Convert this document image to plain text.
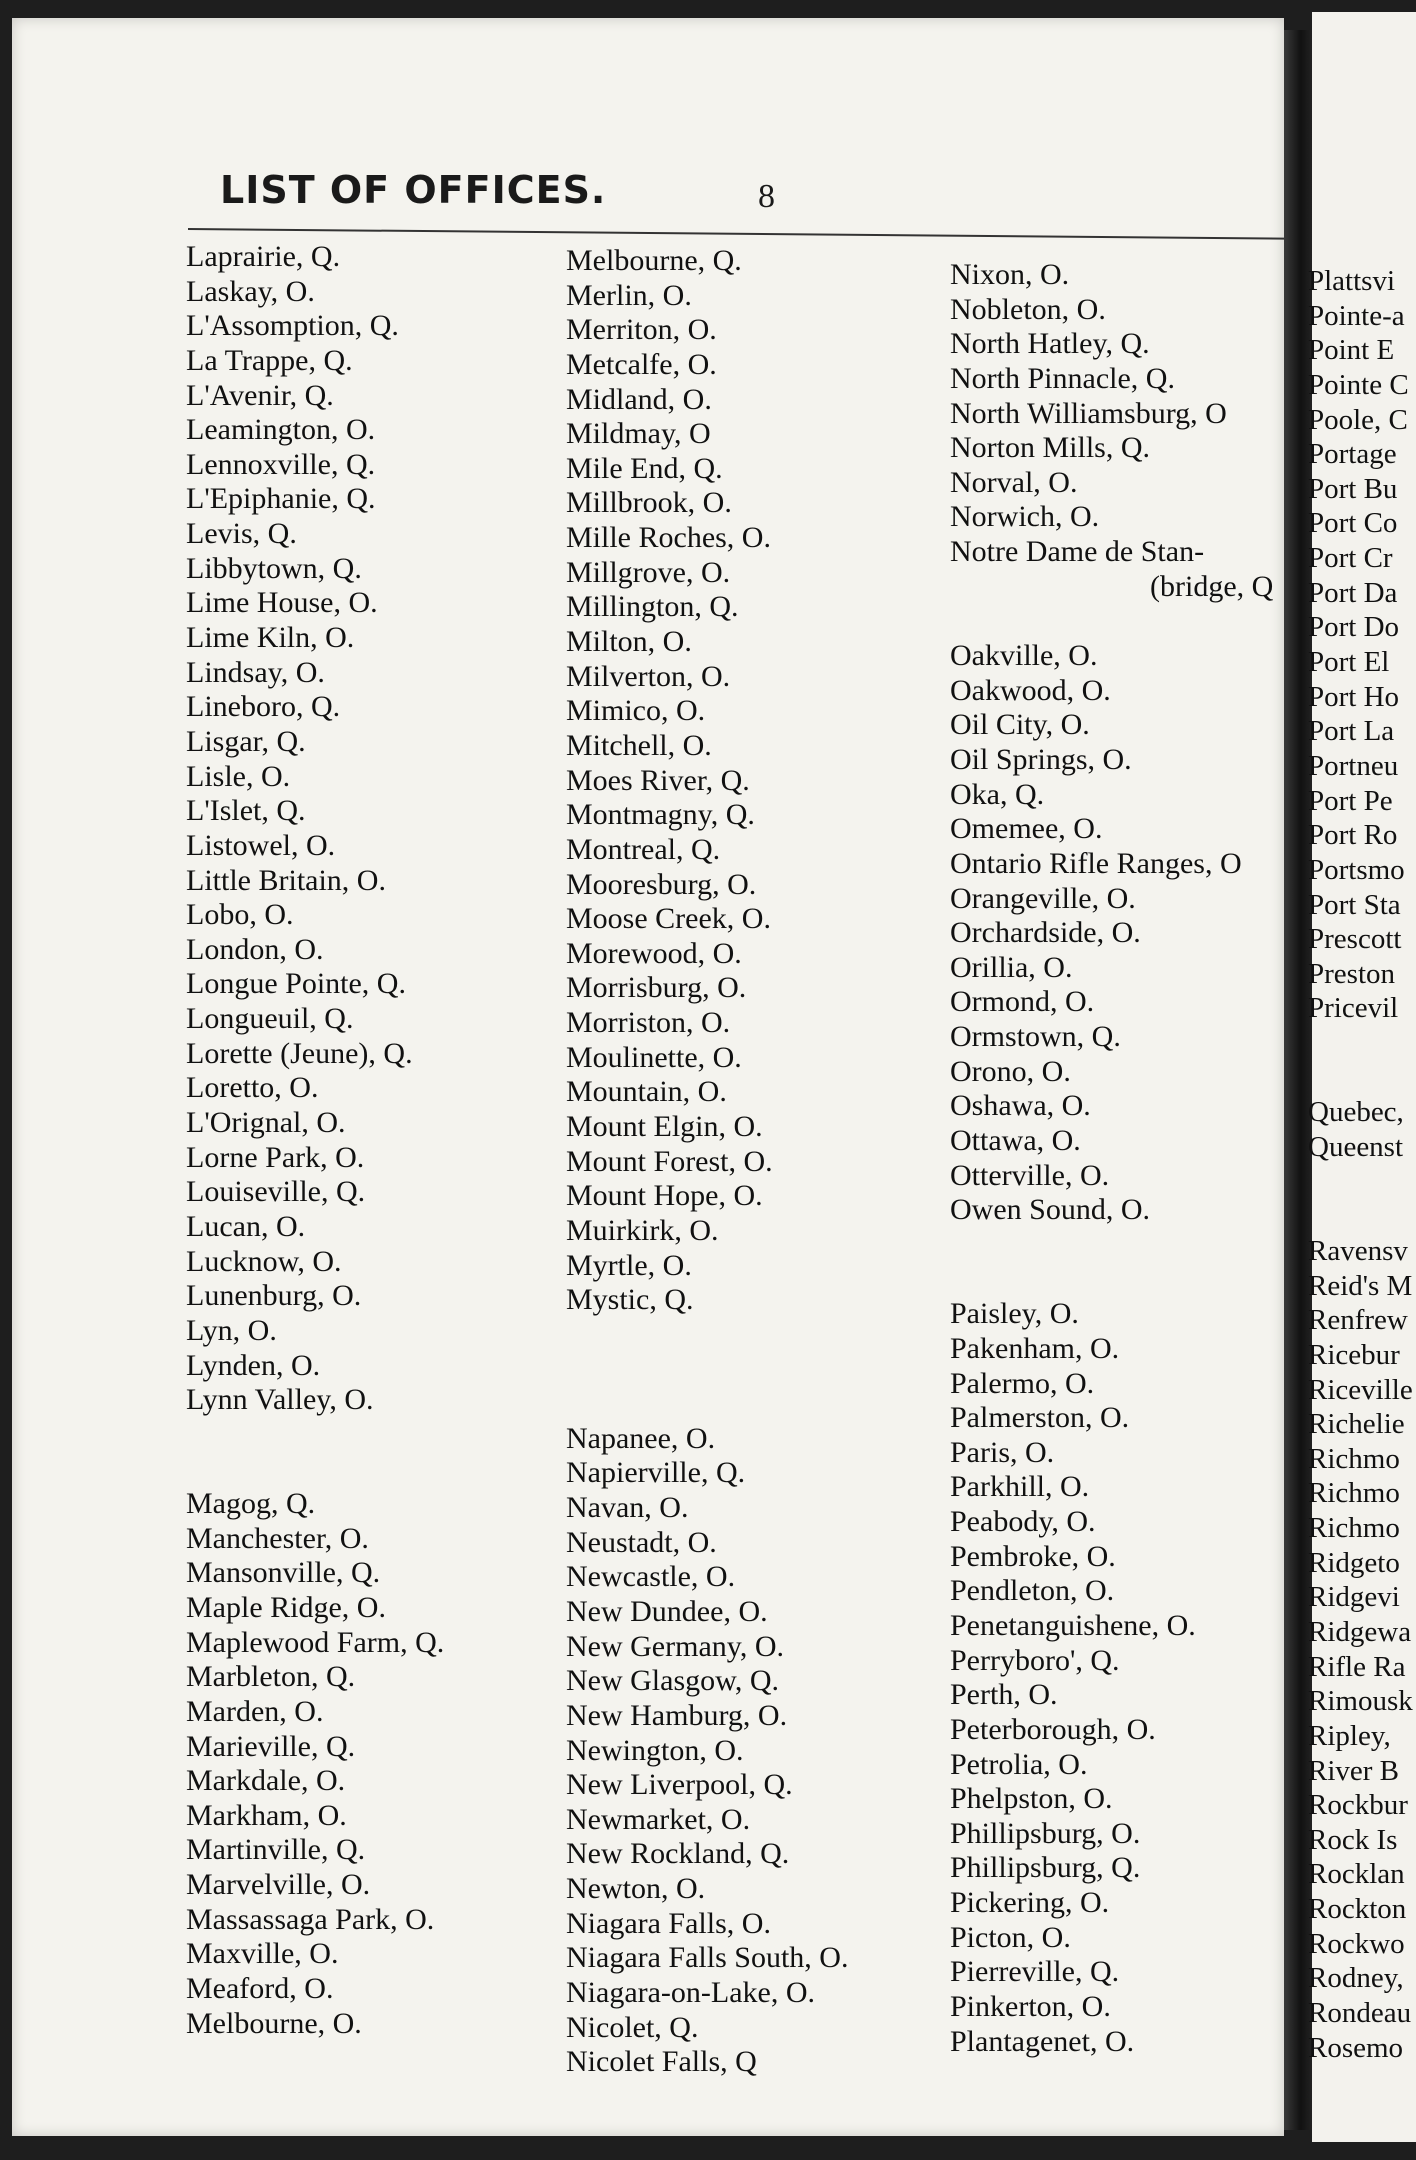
LIST OF OFFICES.	8
Laprairie, Q.
Laskay, O.
L'Assomption, Q.
La Trappe, Q.
L'Avenir, Q.
Leamington, O.
Lennoxville, Q.
L'Epiphanie, Q.
Levis, Q.
Libbytown, Q.
Lime House, O.
Lime Kiln, O.
Lindsay, O.
Lineboro, Q.
Lisgar, Q.
Lisle, O.
L'Islet, Q.
Listowel, O.
Little Britain, O.
Lobo, O.
London, O.
Longue Pointe, Q.
Longueuil, Q.
Lorette (Jeune), Q.
Loretto, O.
L'Orignal, O.
Lorne Park, O.
Louiseville, Q.
Lucan, O.
Lucknow, O.
Lunenburg, O.
Lyn, O.
Lynden, O.
Lynn Valley, O.
Magog, Q.
Manchester, O.
Mansonville, Q.
Maple Ridge, O.
Maplewood Farm, Q.
Marbleton, Q.
Marden, O.
Marieville, Q.
Markdale, O.
Markham, O.
Martinville, Q.
Marvelville, O.
Massassaga Park, O.
Maxville, O.
Meaford, O.
Melbourne, O.
Melbourne, Q.
Merlin, O.
Merriton, O.
Metcalfe, O.
Midland, O.
Mildmay, O
Mile End, Q.
Millbrook, O.
Mille Roches, O.
Millgrove, O.
Millington, Q.
Milton, O.
Milverton, O.
Mimico, O.
Mitchell, O.
Moes River, Q.
Montmagny, Q.
Montreal, Q.
Mooresburg, O.
Moose Creek, O.
Morewood, O.
Morrisburg, O.
Morriston, O.
Moulinette, O.
Mountain, O.
Mount Elgin, O.
Mount Forest, O.
Mount Hope, O.
Muirkirk, O.
Myrtle, O.
Mystic, Q.
Napanee, O.
Napierville, Q.
Navan, O.
Neustadt, O.
Newcastle, O.
New Dundee, O.
New Germany, O.
New Glasgow, Q.
New Hamburg, O.
Newington, O.
New Liverpool, Q.
Newmarket, O.
New Rockland, Q.
Newton, O.
Niagara Falls, O.
Niagara Falls South, O.
Niagara-on-Lake, O.
Nicolet, Q.
Nicolet Falls, Q
Nixon, O.
Nobleton, O.
North Hatley, Q.
North Pinnacle, Q.
North Williamsburg, O
Norton Mills, Q.
Norval, O.
Norwich, O.
Notre Dame de Stan-
(bridge, Q
Oakville, O.
Oakwood, O.
Oil City, O.
Oil Springs, O.
Oka, Q.
Omemee, O.
Ontario Rifle Ranges, O
Orangeville, O.
Orchardside, O.
Orillia, O.
Ormond, O.
Ormstown, Q.
Orono, O.
Oshawa, O.
Ottawa, O.
Otterville, O.
Owen Sound, O.
Paisley, O.
Pakenham, O.
Palermo, O.
Palmerston, O.
Paris, O.
Parkhill, O.
Peabody, O.
Pembroke, O.
Pendleton, O.
Penetanguishene, O.
Perryboro', Q.
Perth, O.
Peterborough, O.
Petrolia, O.
Phelpston, O.
Phillipsburg, O.
Phillipsburg, Q.
Pickering, O.
Picton, O.
Pierreville, Q.
Pinkerton, O.
Plantagenet, O.
Plattsvi
Pointe-a
Point E
Pointe C
Poole, C
Portage
Port Bu
Port Co
Port Cr
Port Da
Port Do
Port El
Port Ho
Port La
Portneu
Port Pe
Port Ro
Portsmo
Port Sta
Prescott
Preston
Pricevil
Quebec,
Queenst
Ravensv
Reid's M
Renfrew
Ricebur
Riceville
Richelie
Richmo
Richmo
Richmo
Ridgeto
Ridgevi
Ridgewa
Rifle Ra
Rimousk
Ripley,
River B
Rockbur
Rock Is
Rocklan
Rockton
Rockwo
Rodney,
Rondeau
Rosemo
